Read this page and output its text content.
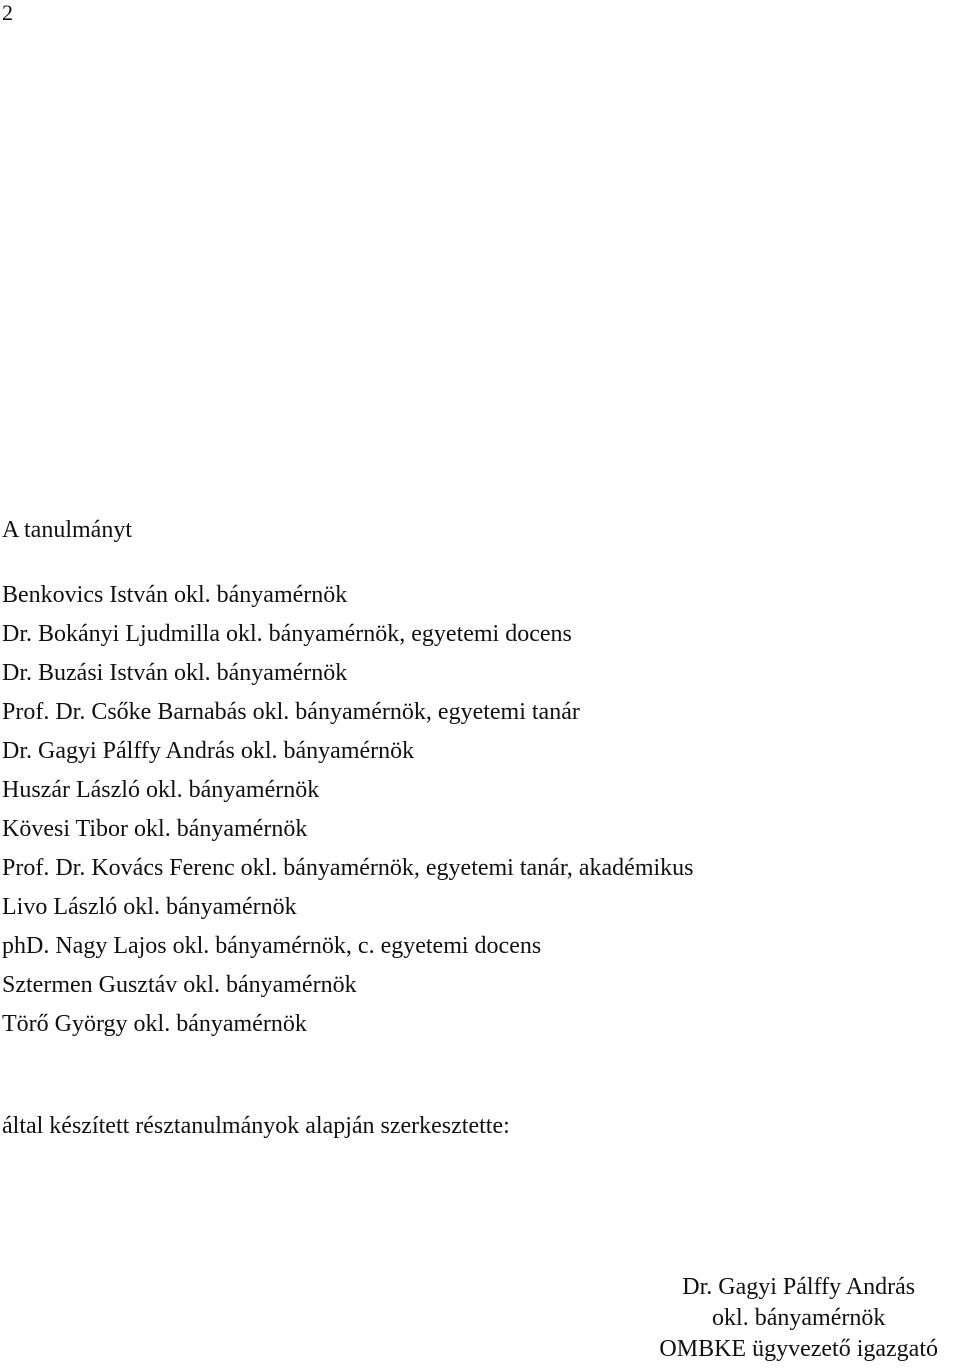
2
A tanulmányt
Benkovics István okl. bányamérnök
Dr. Bokányi Ljudmilla okl. bányamérnök, egyetemi docens
Dr. Buzási István okl. bányamérnök
Prof. Dr. Csőke Barnabás okl. bányamérnök, egyetemi tanár
Dr. Gagyi Pálffy András okl. bányamérnök
Huszár László okl. bányamérnök
Kövesi Tibor okl. bányamérnök
Prof. Dr. Kovács Ferenc okl. bányamérnök, egyetemi tanár, akadémikus
Livo László okl. bányamérnök
phD. Nagy Lajos okl. bányamérnök, c. egyetemi docens
Sztermen Gusztáv okl. bányamérnök
Törő György okl. bányamérnök
által készített résztanulmányok alapján szerkesztette:
Dr. Gagyi Pálffy András
okl. bányamérnök
OMBKE ügyvezető igazgató
